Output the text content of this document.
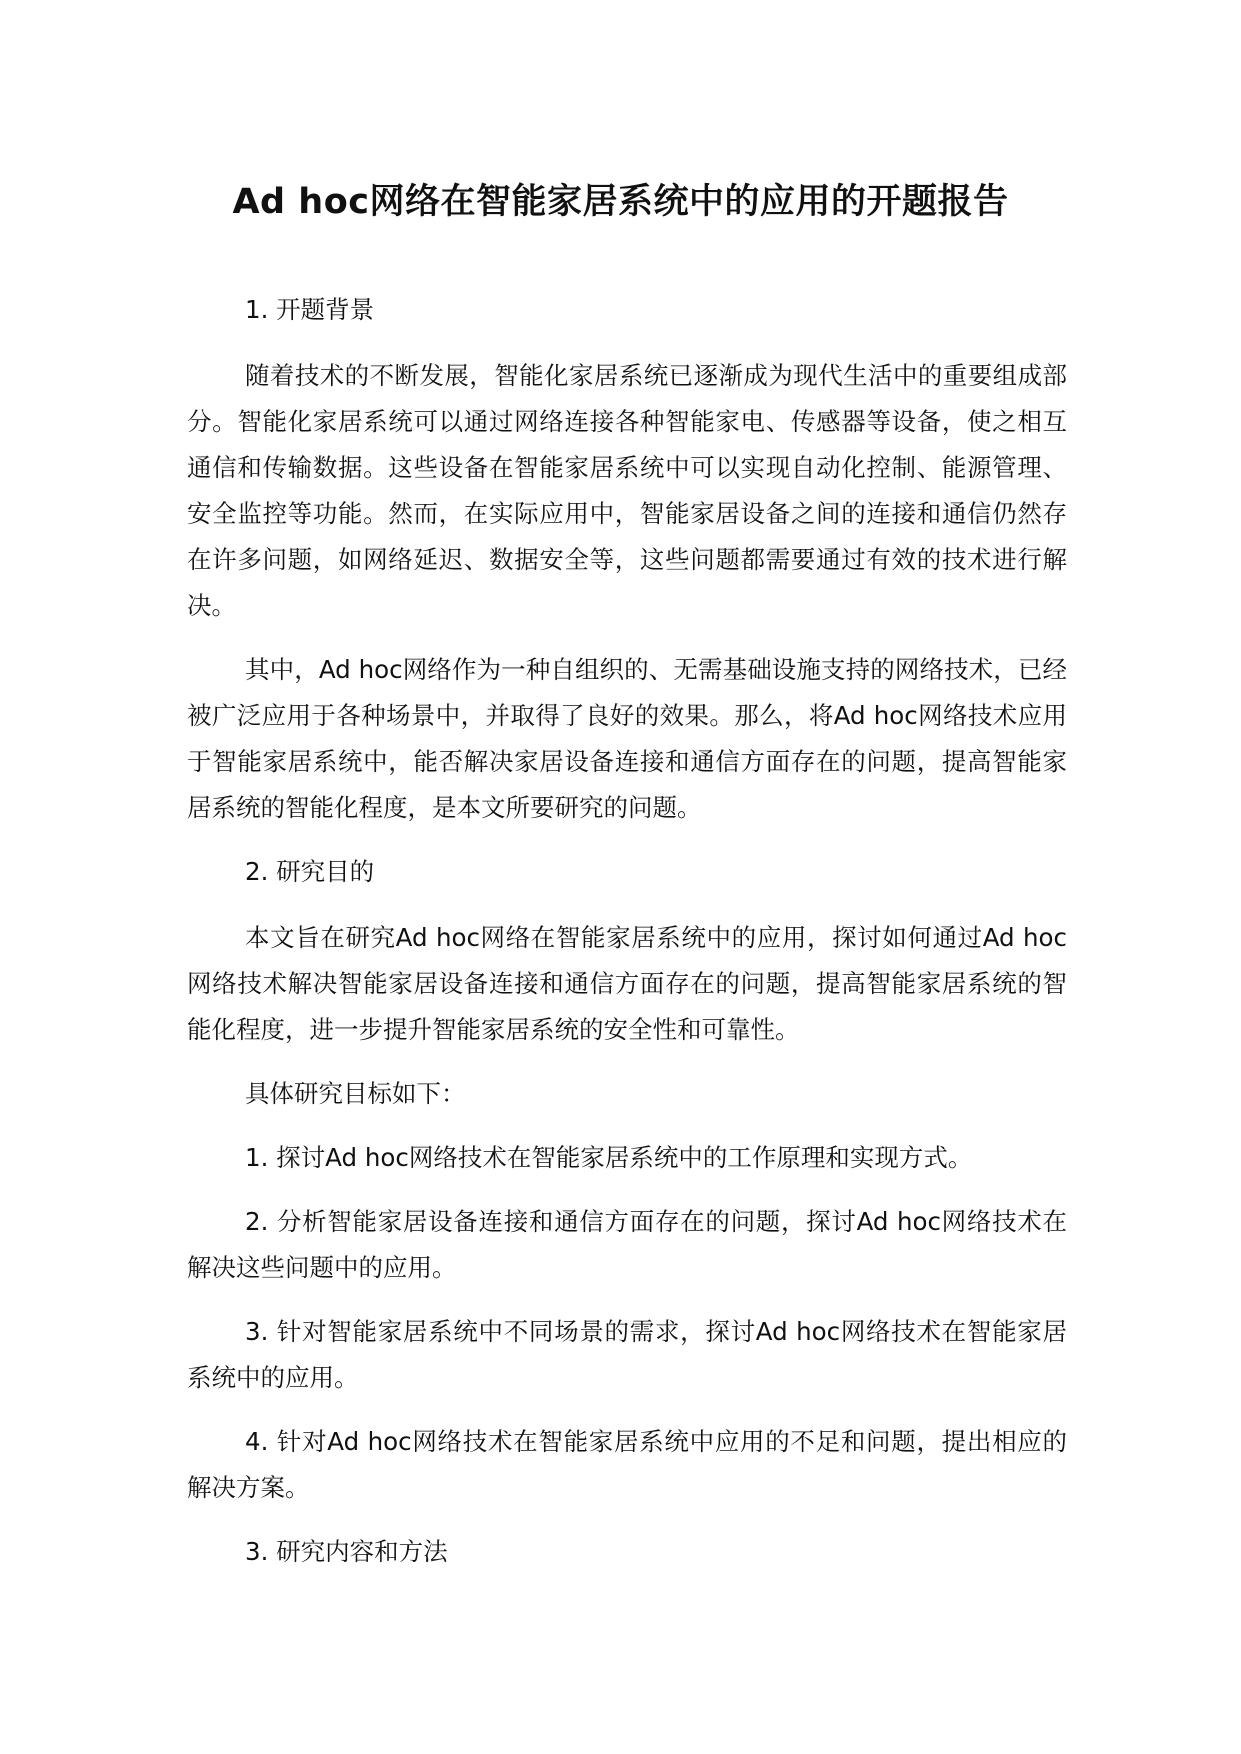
Ad hoc网络在智能家居系统中的应用的开题报告

1. 开题背景

随着技术的不断发展，智能化家居系统已逐渐成为现代生活中的重要组成部分。智能化家居系统可以通过网络连接各种智能家电、传感器等设备，使之相互通信和传输数据。这些设备在智能家居系统中可以实现自动化控制、能源管理、安全监控等功能。然而，在实际应用中，智能家居设备之间的连接和通信仍然存在许多问题，如网络延迟、数据安全等，这些问题都需要通过有效的技术进行解决。

其中，Ad hoc网络作为一种自组织的、无需基础设施支持的网络技术，已经被广泛应用于各种场景中，并取得了良好的效果。那么，将Ad hoc网络技术应用于智能家居系统中，能否解决家居设备连接和通信方面存在的问题，提高智能家居系统的智能化程度，是本文所要研究的问题。

2. 研究目的

本文旨在研究Ad hoc网络在智能家居系统中的应用，探讨如何通过Ad hoc网络技术解决智能家居设备连接和通信方面存在的问题，提高智能家居系统的智能化程度，进一步提升智能家居系统的安全性和可靠性。

具体研究目标如下：

1. 探讨Ad hoc网络技术在智能家居系统中的工作原理和实现方式。

2. 分析智能家居设备连接和通信方面存在的问题，探讨Ad hoc网络技术在解决这些问题中的应用。

3. 针对智能家居系统中不同场景的需求，探讨Ad hoc网络技术在智能家居系统中的应用。

4. 针对Ad hoc网络技术在智能家居系统中应用的不足和问题，提出相应的解决方案。

3. 研究内容和方法
